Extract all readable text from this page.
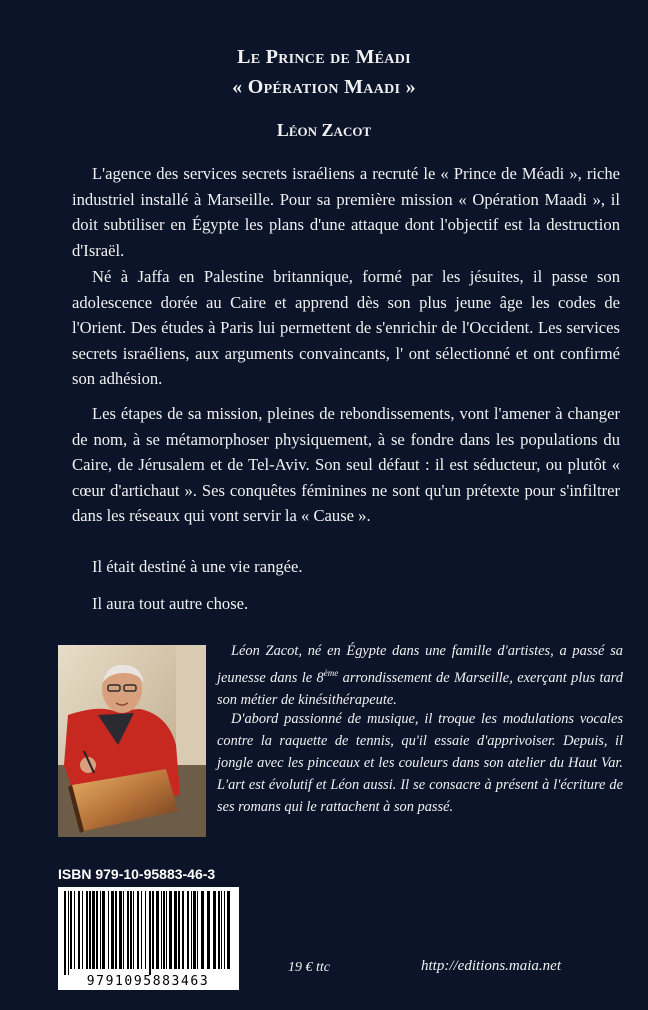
Le Prince de Méadi
« Opération Maadi »
Léon Zacot

L'agence des services secrets israéliens a recruté le « Prince de Méadi », riche industriel installé à Marseille. Pour sa première mission « Opération Maadi », il doit subtiliser en Égypte les plans d'une attaque dont l'objectif est la destruction d'Israël.

Né à Jaffa en Palestine britannique, formé par les jésuites, il passe son adolescence dorée au Caire et apprend dès son plus jeune âge les codes de l'Orient. Des études à Paris lui permettent de s'enrichir de l'Occident. Les services secrets israéliens, aux arguments convaincants, l' ont sélectionné et ont confirmé son adhésion.

Les étapes de sa mission, pleines de rebondissements, vont l'amener à changer de nom, à se métamorphoser physiquement, à se fondre dans les populations du Caire, de Jérusalem et de Tel-Aviv. Son seul défaut : il est séducteur, ou plutôt « cœur d'artichaut ». Ses conquêtes féminines ne sont qu'un prétexte pour s'infiltrer dans les réseaux qui vont servir la « Cause ».

Il était destiné à une vie rangée.

Il aura tout autre chose.

Léon Zacot, né en Égypte dans une famille d'artistes, a passé sa jeunesse dans le 8ème arrondissement de Marseille, exerçant plus tard son métier de kinésithérapeute.

D'abord passionné de musique, il troque les modulations vocales contre la raquette de tennis, qu'il essaie d'apprivoiser. Depuis, il jongle avec les pinceaux et les couleurs dans son atelier du Haut Var. L'art est évolutif et Léon aussi. Il se consacre à présent à l'écriture de ses romans qui le rattachent à son passé.

ISBN 979-10-95883-46-3
9791095883463
19 € ttc	http://editions.maia.net
